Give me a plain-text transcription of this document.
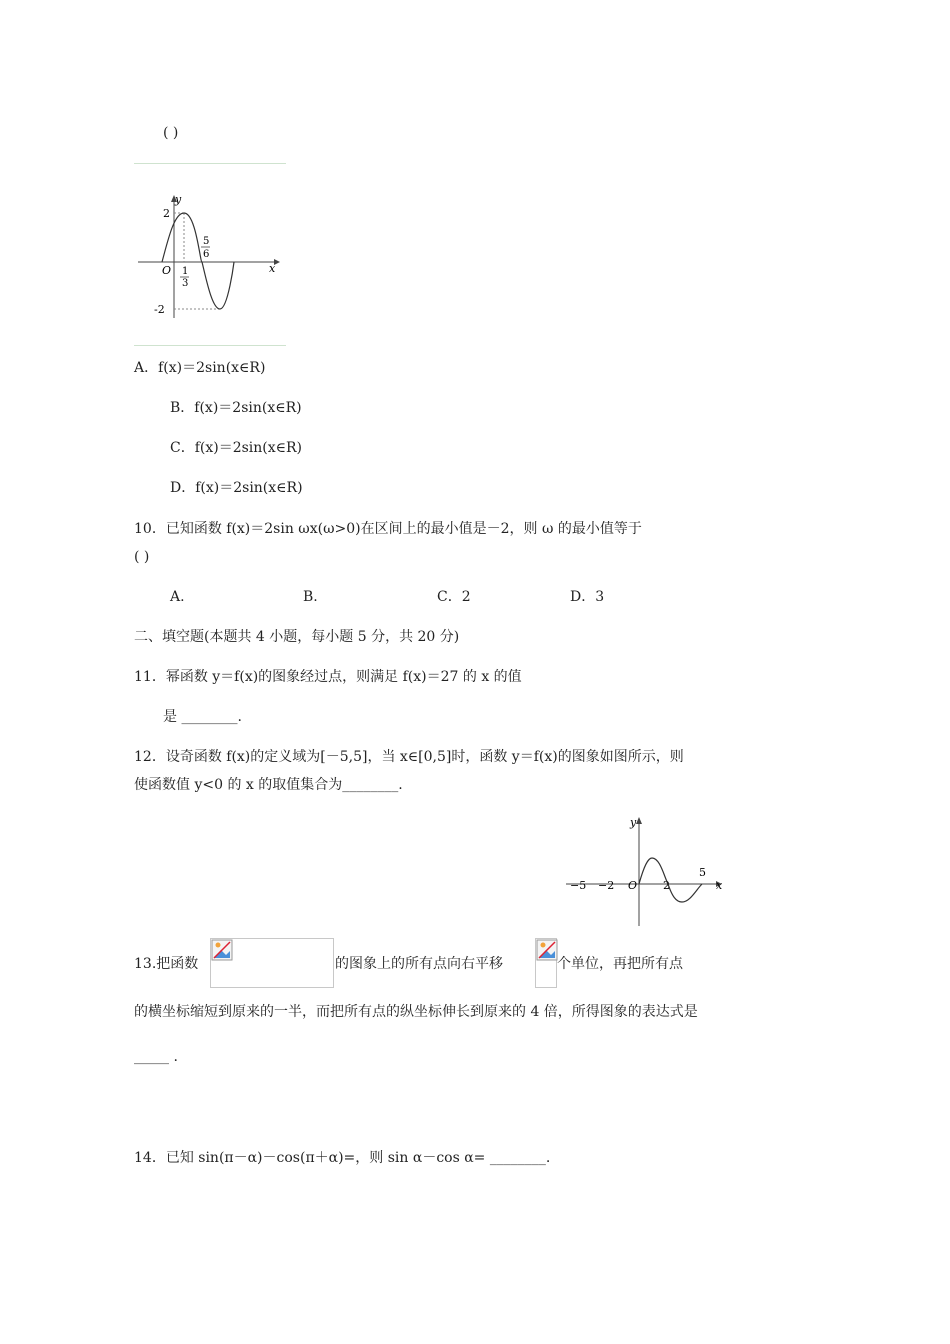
( )
y
x
O
2
-2
1
3
5
6
A．f(x)＝2sin(x∈R)
B．f(x)＝2sin(x∈R)
C．f(x)＝2sin(x∈R)
D．f(x)＝2sin(x∈R)
10．已知函数 f(x)＝2sin ωx(ω>0)在区间上的最小值是－2，则 ω 的最小值等于
( )
A.	B.	C．2	D．3
二、填空题(本题共 4 小题，每小题 5 分，共 20 分)
11．幂函数 y＝f(x)的图象经过点，则满足 f(x)＝27 的 x 的值
是 ________.
12．设奇函数 f(x)的定义域为[－5,5]，当 x∈[0,5]时，函数 y＝f(x)的图象如图所示，则
使函数值 y<0 的 x 的取值集合为________.
y
x
O
−5 −2	2
5
13.把函数	的图象上的所有点向右平移	个单位，再把所有点
的横坐标缩短到原来的一半，而把所有点的纵坐标伸长到原来的 4 倍，所得图象的表达式是
_____ .
14．已知 sin(π－α)－cos(π＋α)=，则 sin α－cos α= ________.
